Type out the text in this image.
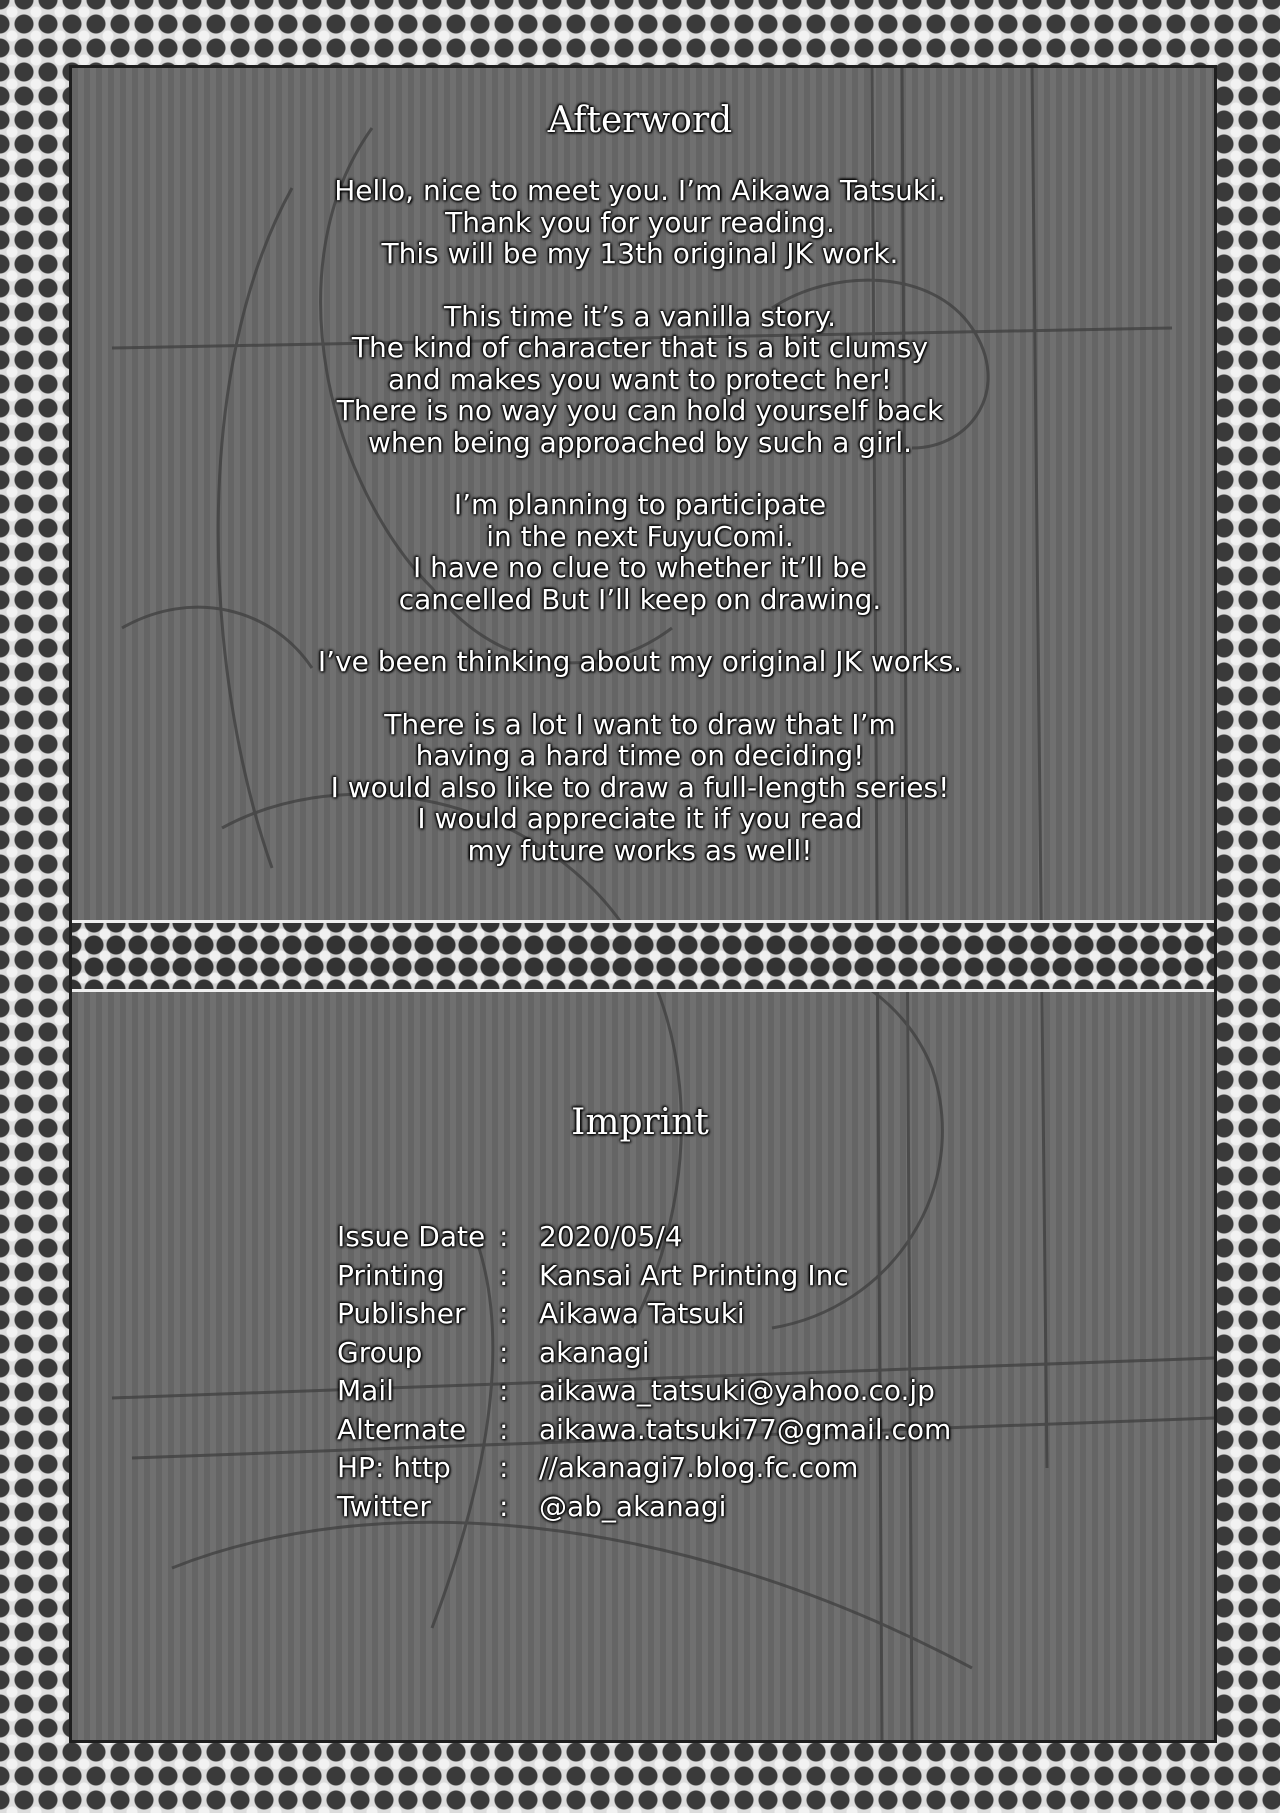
Afterword
Hello, nice to meet you. I’m Aikawa Tatsuki.
Thank you for your reading.
This will be my 13th original JK work.
This time it’s a vanilla story.
The kind of character that is a bit clumsy
and makes you want to protect her!
There is no way you can hold yourself back
when being approached by such a girl.
I’m planning to participate
in the next FuyuComi.
I have no clue to whether it’ll be
cancelled But I’ll keep on drawing.
I’ve been thinking about my original JK works.
There is a lot I want to draw that I’m
having a hard time on deciding!
I would also like to draw a full-length series!
I would appreciate it if you read
my future works as well!
Imprint
Issue Date :	2020/05/4
Printing	:	Kansai Art Printing Inc
Publisher	:	Aikawa Tatsuki
Group	:	akanagi
Mail	:	aikawa_tatsuki@yahoo.co.jp
Alternate	:	aikawa.tatsuki77@gmail.com
HP: http	:	//akanagi7.blog.fc.com
Twitter	:	@ab_akanagi
